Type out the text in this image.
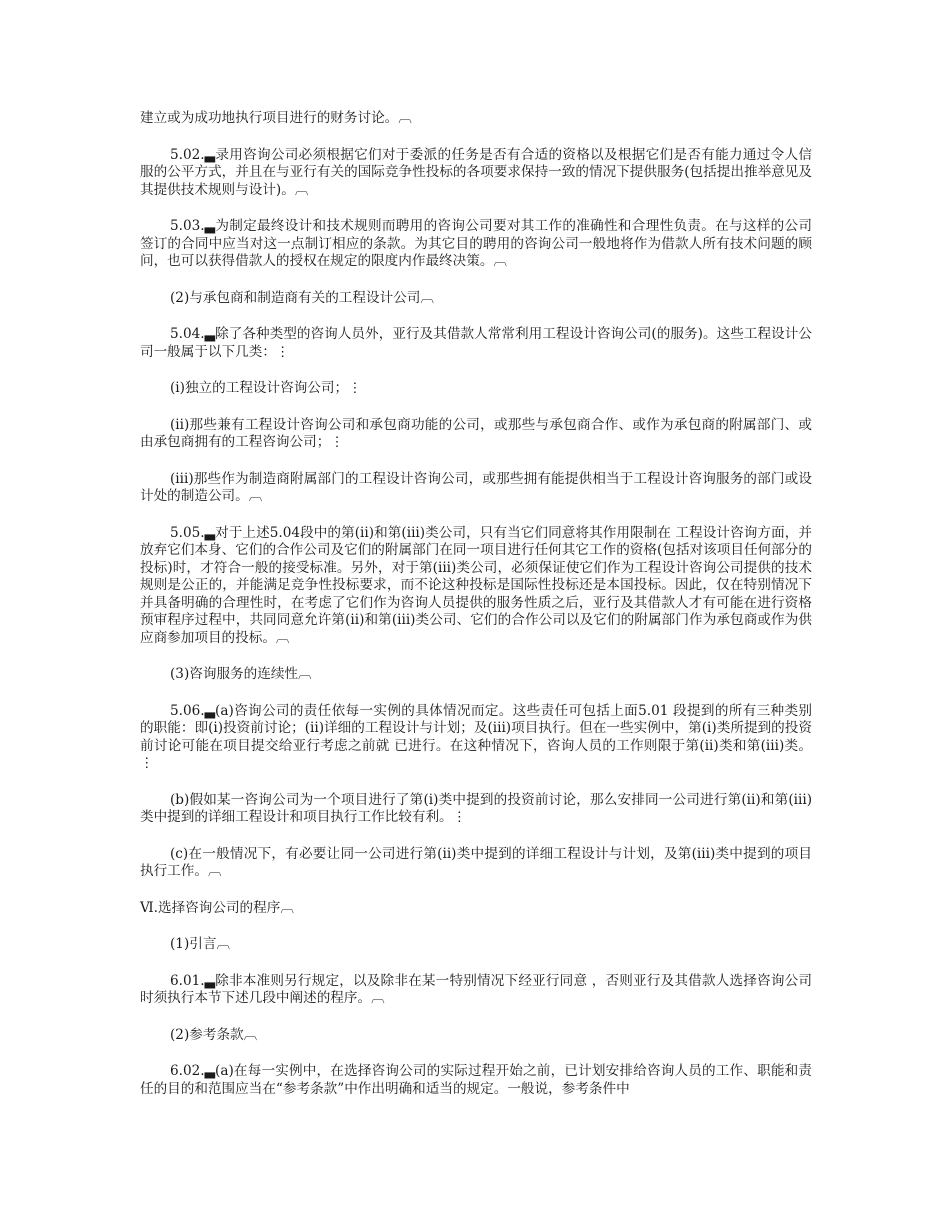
建立或为成功地执行项目进行的财务讨论。︹

5.02.▃录用咨询公司必须根据它们对于委派的任务是否有合适的资格以及根据它们是否有能力通过令人信服的公平方式，并且在与亚行有关的国际竞争性投标的各项要求保持一致的情况下提供服务(包括提出推举意见及其提供技术规则与设计)。︹

5.03.▃为制定最终设计和技术规则而聘用的咨询公司要对其工作的准确性和合理性负责。在与这样的公司签订的合同中应当对这一点制订相应的条款。为其它目的聘用的咨询公司一般地将作为借款人所有技术问题的顾问，也可以获得借款人的授权在规定的限度内作最终决策。︹

(2)与承包商和制造商有关的工程设计公司︹

5.04.▃除了各种类型的咨询人员外，亚行及其借款人常常利用工程设计咨询公司(的服务)。这些工程设计公司一般属于以下几类：⋮

(i)独立的工程设计咨询公司；⋮

(ii)那些兼有工程设计咨询公司和承包商功能的公司，或那些与承包商合作、或作为承包商的附属部门、或由承包商拥有的工程咨询公司；⋮

(iii)那些作为制造商附属部门的工程设计咨询公司，或那些拥有能提供相当于工程设计咨询服务的部门或设计处的制造公司。︹

5.05.▃对于上述5.04段中的第(ii)和第(iii)类公司，只有当它们同意将其作用限制在 工程设计咨询方面，并放弃它们本身、它们的合作公司及它们的附属部门在同一项目进行任何其它工作的资格(包括对该项目任何部分的投标)时，才符合一般的接受标准。另外，对于第(iii)类公司，必须保证使它们作为工程设计咨询公司提供的技术规则是公正的，并能满足竞争性投标要求，而不论这种投标是国际性投标还是本国投标。因此，仅在特别情况下并具备明确的合理性时，在考虑了它们作为咨询人员提供的服务性质之后，亚行及其借款人才有可能在进行资格预审程序过程中，共同同意允许第(ii)和第(iii)类公司、它们的合作公司以及它们的附属部门作为承包商或作为供应商参加项目的投标。︹

(3)咨询服务的连续性︹

5.06.▃(a)咨询公司的责任依每一实例的具体情况而定。这些责任可包括上面5.01 段提到的所有三种类别的职能：即(i)投资前讨论；(ii)详细的工程设计与计划；及(iii)项目执行。但在一些实例中，第(i)类所提到的投资前讨论可能在项目提交给亚行考虑之前就 已进行。在这种情况下，咨询人员的工作则限于第(ii)类和第(iii)类。⋮

(b)假如某一咨询公司为一个项目进行了第(i)类中提到的投资前讨论，那么安排同一公司进行第(ii)和第(iii)类中提到的详细工程设计和项目执行工作比较有利。⋮

(c)在一般情况下，有必要让同一公司进行第(ii)类中提到的详细工程设计与计划，及第(iii)类中提到的项目执行工作。︹

Ⅵ.选择咨询公司的程序︹

(1)引言︹

6.01.▃除非本准则另行规定，以及除非在某一特别情况下经亚行同意 ，否则亚行及其借款人选择咨询公司时须执行本节下述几段中阐述的程序。︹

(2)参考条款︹

6.02.▃(a)在每一实例中，在选择咨询公司的实际过程开始之前，已计划安排给咨询人员的工作、职能和责任的目的和范围应当在“参考条款”中作出明确和适当的规定。一般说，参考条件中
